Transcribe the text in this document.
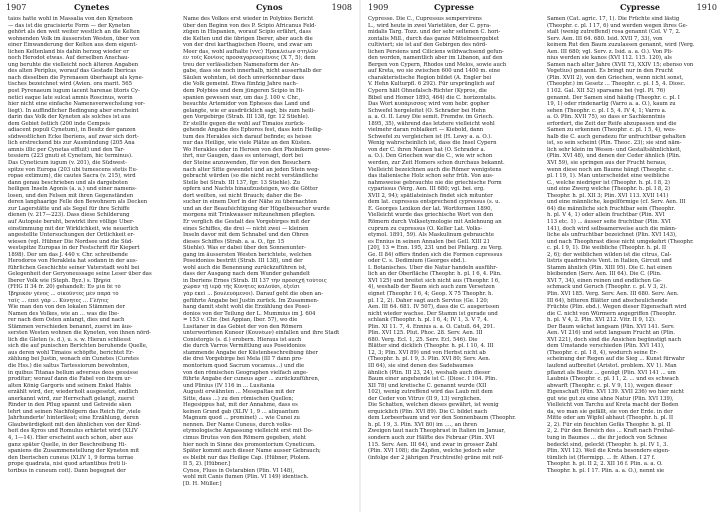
1907	Cynetes	Cynos	1908
taios hatte wohl in Massalia von den Kyneteon
— das ist die gracisierte Form — der Kyneten
gehört als den weit weiter westlich an die Kelten
wohnenden Volk im äussersten Westen, über von
einer Einwanderung der Kelten aus dem eigent-
lichen Keltenland bis dahin herzog wieder er
noch Herodot etwas. Auf derselben Anschau-
ung beruhte die vielleicht noch älteren Angaben
des alten Periplus, worauf das Gestade Ibericas
nach dieselben die Pyrenaeen überhaupt als kyne-
tisches bezeichnet wird (Avien. ora marit. 565
post Pyrenaeum iugum iacent harenae litoris Cy-
netici eaque late sulcat amnis Roscinus, worin
hier nicht eine einfache Namensverwechslung vor-
liegt). In auffindlicher Bedingung aber erscheint
darin das Volk der Kyneten als solches ist aus
dem Gebiet östlich (200 inde Cempsis
adiacent populi Cynetum), in Besitz der ganzen
südwestlichen Ecke Iberiens, auf zwar sich dort-
lich erstreckend bis zur Ausmündung (205 Ana
amnis illic per Cynetas effluit) und den Tar-
tessiern (223 gnuti et Cynetum, hic terminus).
Das Cyneticum iugum (v. 201), die Südwest-
spitze von Europa (203 ubi tumescens stetis Eu-
ropae extimum), die cautes Sacra (v. 215), wird
dann genau beschrieben und als dargeboten
heiligen Inseln Agonis (a. a.) und einer namens-
losen, und den Felsen mit ihren Gegenständen
deren langhaarige Felle den Bewohnern als Decken
zur Lagerstätte und als Segel für ihre Schiffe
dienen (v. 217—223). Dass diese Schilderung
auf Autopsie beruht, bewirkt ihre völlige Über-
einstimmung mit der Wirklichkeit, wie neuerlich
angestellte Untersuchungen der Örtlichkeit er-
wiesen (vgl. Hübner Die Nordsee und die Süd-
westspitze Europas in der Festschrift für Kiepert
1898). Der um das J. 440 v. Chr. schreibende
Herodoros von Herakleia hat sodann in der aus-
führlichen Geschichte seiner Vaterstadt wohl bei
Gelegenheit der Geryoneussage seine Leser über das
Iberer Volk wie (Steph. Byz.) s. Ἰβηρία
(FHG II 34 fr. 20) gehandelt: Ἐν μία δὲ τὸ
Ἰβηρικὸν γένος ... οἰκοῦντες μὲν παρὰ τὸ
ταῖς ... ἐπεὶ γὰρ ... Κύνητες ... Γλῆτες
Wie man den von den lokalen Stämmen der
Namen des Volkes, wie an ... was die Ibe-
rer nach dem Osten anlangt, dies und nach
Stämmen verschieden benannt, zuerst im äus-
sersten Westen wohnen die Kyneten, von ihnen nörd-
lich die Gleten (s. d.), u. s. w. Hieran schliesst
sich die auf punischen Berichten beruhende Quelle,
aus deren wohl Timaios schöpfte, berichtet Er-
zählung bei Justin, wonach ein Cunetes (Curetes
die Hss.) die saltus Tartessiorum bewohnten,
in quibus Titanas bellum adversus deos gessisse
proditur; worauf dann die Fabel von ihrem ur-
alten König Gargoris und seinem Enkel Habis
erzählt wird, der, wiederholt ausgesetzt, endlich
anerkannt wird, zur Herrschaft gelangt, zuerst
Rinder in den Pflug spannt und Getreide säen
lehrt und seinen Nachfolgern das Reich für ,viele
Jahrhunderte' hinterlässt; eine Erzählung, deren
Glaubwürdigkeit mit den ähnlichen von der Kind-
heit des Kyros und Romulus erhärtet wird (XLIV
4, 1—14). Hier erscheint auch schon, aber aus
ganz später Quelle, in der Beschreibung Hi-
spaniens die Zusammenstellung der Kyneten mit
den Iberischen cuneus (XLIV 1, 9 forma terrae
prope quadrata, nisi quod artantibus freti li-
toribus in cuneum coit). Dann begegnet der
Name des Volkes erst wieder in Polybios Bericht
über den Beginn von des P. Scipio Africanus Feld-
zügen in Hispanien, worauf Scipio erfährt, dass
die Kelten und die übrigen Iberer, aber auch die
von der drei karthagischen Heere, und zwar am
Meer das, wohl aufhalte (vvc) Ἡρακλείων στηλῶν
ἐν τοῖς Κονίοις προσαγορευομένοις (X 7, 5); dem
treu der verlässlichen Namensform der An-
gabe, dass sie noch innerhalb, nicht ausserhalb der
Säulen wohnten, ist doch unverkennbar dass
die Volk gemeint. Etwa fünfzig Jahre nach-
dem Polybios und dem jüngeren Scipio in Hi-
spanien gewesen war, um das J. 100 v. Chr.,
besuchte Artemidor von Ephesos das Land und
gelangte, wie er ausdrücklich sagt, bis zum heili-
gen Vorgebirge (Strab. III 138, fgr. 12 Stiehle).
Er stellte gegen die wohl auf Timaios zurück-
gehende Angabe des Ephoros fest, dass kein Heilig-
tum des Herakles sich darauf befinde; es heisse
nur das Heilige, wie viele Plätze an den Küsten.
Wo Herakles oder in Heroen von den Phoinikern gewe-
ihrt, nur Gaugen, dass es untersagt, dort bei
der Steine anzuwenden, für von den Besuchern
nach alter Sitte gewendet und an jeden Stein weg-
gebracht würden (so die nicht recht verständliche
Stelle bei Strab. III 137, fgr. 13 Stiehle). Zu
opfern und Nachts hinaufzusteigen, wo die Götter
dort weilten, sei nicht Brauch; daher die Be-
sucher in einem Dorf in der Nähe zu übernachten
und an der Beaufsichtigung der Hügelbesucher wurde
morgens mit Trinkwasser mitzunehmen pflegten.
Er verglich die Gestalt des Vorgebirges mit der
eines Schiffes, die drei — nicht zwei — kleinen
Inseln davor mit dem Schnabel und den Ohren
dieses Schiffes (Strab. a. a. O., fgr. 15
Stiehle). Was er dabei über den Sonnenunter-
gang im äussersten Westen berichtete, welchen
Poseidonios bestritt (Strab. III 138), und der
wohl auch die Benennung zurückzuführen ist,
dass der Ausgang nach dem Wunder gehandelt
in Iberiens Ernes (Strab. III 137 τὴν προσεχῆ τούτοις
χώραν τῇ ἱερᾷ τῆς Κύνητες καλοῦσι, ἐξεῖσι
γὰρ ἐκεῖ ... βουλευόμενοι). Darauf geht die oben an-
geführte Angabe bei Justin zurück. Im Zusammen-
hang damit steht wohl die Erzählung des Posei-
donios von der Teilung der L. Mummius im J. 604
= 153 v. Chr. (bei Appian, Iber. 57), wo die
Lusitaner in das Gebiet der von den Römern
unterworfenen Kuneer (Κουνέων) einfallen und ihre Stadt
Conistorgis (s. d.) erobern. Hieraus ist auch
die durch Varros Vermittlung aus Poseidonios
stammende Angabe der Küstenbeschreibung über
die drei Vorgebirge bei Mela (III 7 dann pro-
montorium quod Sacrum vocamus...) und die
von den römischen Geographen vielfach ange-
führte Angabe der cuneus ager ... zurückzuführen,
und Plinius (IV 116 in ... Lusitania
Augusti erwähnten ... Mesepaltae mit der
Sitte, dass ...) zu den römischen Quellen;
Hegesippus hat, mit der Annahme, dass es
keinen Grund gab (XLIV 1, 9 ... aliquantum
Magnum quod ... prominet) ... wie Cunei zu
nennen. Der Name Cuneus, durch volks-
etymologische Anpassung vielleicht erst mit Do-
cimus Brutus von den Römern gegeben, steht
hier noch in Sinne des promontorium Cyneticum.
Später kommt auch dieser Name ausser Gebrauch;
es bleibt nur das Heilige Cap. (Hübner, Ptolem.
II 5, 2). [Hübner.]
Cynos, Fluss in Ostarabien (Plin. VI 148),
wohl mit Canis flumen (Plin. VI 149) identisch.
[D. H. Müller.]
1909	Cypresse	Cypresse	1910
Cypresse. Die C., Cupressus sempervirens
L., wird heute in zwei Varietäten, der C. pyra-
midalis Targ. Tozz. und der sehr seltenen C. hori-
zontalis Mill., durch das ganze Mittelmeergebiet
cultiviert; sie ist auf den Gebirgen des nörd-
lichen Persiens und Ciliciens wildwachsend gefun-
den worden, namentlich aber im Libanon, auf den
Bergen von Cypern, Rhodos und Melos, sowie auch
auf Kreta, wo sie zwischen 600 und 1400 m. eine
charakteristische Region bildet (A. Engler bei
V. Hehn Kulturpfl. 6 292). Für ursprünglich auf
Cypern hält Ohnefalsch-Richter (Kypros, die
Bibel und Homer 1893, 464) die C. horizontalis.
Das Wort κυπάρισσος wird vom hebr. gopher
Schwefel hergeleitet (O. Schrader bei Hehn
a. a. O. II. Lewy Die semit. Fremdw. im Griech.
1895, 35), während das letztere vielleicht wohl
vielmehr daran roblaikert — Kiebold, dann
Schwefel zu vergleichen ist (H. Lewy a. a. O.).
Wenig wahrscheinlich ist, dass die Insel Cypern
von der C. ihren Namen hat (O. Schrader a.
a. O.). Den Griechen war die C., wie wir schon
werden, zur Zeit Homers schon durchaus bekannt.
Vielleicht bezeichnen auch die Römer wenigstens
das italienische Holz schon sehr früh. Von aus-
nahmsweise gebrauchte nie die griechische Form
cyparissus (Verg. Aen. III 680; vgl. bei. erg.
XVII 2, 94); spätlateinisch findet sich mitunter
dem lat. cupressus entsprechend cypressus (s. u.
E. Georges Lexikon der lat. Wortformen 1890,
Vielleicht wurde das griechische Wort von den
Römern durch Volksetymologie mit Anlehnung an
cuprum zu cupressus (O. Keller Lat. Volks-
etymol. 1891, 59). Als Maskulinum gebrauchte
es Ennius in seinen Annalen (bei Gell. XIII 21
[20], 13 = Enn. 195, 231 und bei Philarg. zu Verg.
Ge. II 84) offers finden sich die Formen cupressus
oder C. s. Dedimium (Georges ebd.).
I. Botanisches. Über die Natur handeln ausführ-
lich an der Oberfläche (Theophr. h. pl. I 6, 4. Plin.
XVI 125) und breitet sich nicht aus (Theophr. I 6,
4), weshalb der Baum sich auch zum Versetzen
eignet (Theophr. I 6, 4; Geop. X 75 Theophr. h.
pl. I 2, 2). Daher sagt auch Servius (Ge. I 20;
Aen. III 64. 681. IV 507), dass die C. ausgerissen
nicht wieder wachse. Der Stamm ist gerade und
schlank (Theophr. h. pl. I 6, 4; IV 1, 3. V 7, 4.
Plin. XI 11. 7, 4. Ennius a. a. O. Catull. 64, 291.
Plin. XVI 125. Plut. Phoc. 28. Serv. Aen. III
680. Verg. Ecl. 1, 25. Serv. Ecl. 546). Die
Blätter sind dicklich (Theophr. h. pl. I 10, 4. III
12, 3; Plin. XVI 89) und von Herbst nicht ab
(Theophr. h. pl. I 9, 3. Plin. XVI 80; Serv. Aen.
III 64), sie sind denen des Sadebaumes
ähnlich (Plin. III 23, 24), weshalb auch dieser
Baum einer angehende ist C. (Diosc. I 104. Plin.
XII 78) und kretische C. genannt wurde (XII
102), wenig zutreffend wird das Laub mit dem
der Ceder von Vitruv (II 9, 13) verglichen.
Die Schatten, welchen dieses gewährt, ist wenig
erquicklich (Plin. XVI 89). Die C. bildet nach
dem Lorbeerbaum und vor den Sonnenbaum (Theophr.
h. pl. I 9, 3. Plin. XVI 80) im ...., an ihren
Zweigen taut nach Theophrast in Italien im Januar,
sondern auch zur Hälfte des Februar (Plin. XVI
115. Serv. Aen. III 64), und zwar in grosser Zahl
(Plin. XVI 108); die Zapfen, welche jedoch sehr
(infolge der 2 jährigen Fruchtreife) grüne mit reif-
Samen (Cat. agric. 17, 1). Die Früchte sind lästig
(Theophr. c. pl. I 17, 6) und werden wegen ihres Ge-
stalt (wenig zutreffend) rosa genannt (Col. V 7, 2.
Serv. Aen. III 64. 680. Isid. XVII 7, 33), von
keinem Rut den Baum zuzulassen genannt, wird (Verg.
Aen. III 680; vgl. Serv. z. Isid. a. a. O.). Von Pli-
nius werden sie kanos (XVI 112. 115. 120), als
Samen nach alter Jahre (XVII 73, XXIV 15; ebenso von
Vegetius) genannt. Es bringt nur in den Frucht
(Plin. XVII 2), von den Griechen, wenn nicht sonst,
(Theophr.) im Gesetz ... Theophr. c. pl. I 5, 4. Diosc.
I 102. Gal. XII 52) sparsame bei (vgl. Pl. 76)
genannt. Der Samen sind häufig (Theophr. c. pl. I
19, 1) oder rindenartig (Varro a. a. O.), kaum zu
sehen (Theophr. c. pl. I 5, 4. IV 4, 1; Varro a.
a. O. Plin. XVII 75), so dass er Sachkenntnis
erfordert, die Zeit der Reife abzupassen und die
Samen zu erkennen (Theophr. c. pl. I 5, 4), wes-
halb die C. auch geradezu für unfruchtbar gehalten
ist, so sein scheint (Plin. Theoc. 23); sie sind näm-
lich sehr klein im Wesen- und Gestaltsähnlichkeit,
(Plin. XVI 48), und denen der Ceder ähnlich (Plin.
XVI 59), sie springen aus der Frucht heraus,
wenn diese noch am Baume hängt (Theophr. c.
pl. I 19, 1). Man unterscheidet eine weibliche
C., welche niedriger ist (Theophr. h. pl. I 8, 2)
und eine Zwerg welche (Theophr. h. pl. I 8, 2)
Theophr. h. pl. XII 3; Plin. XVI 113. XVII 141)
und eine männliche, kegelförmige (cf. Serv. Aen. III
64) die männliche sich fruchtbar sein (Theophr.
h. pl. V 4, 1) oder allein fruchtbar (Plin. XVI
113 etc. 1) ... äusser seite fruchtbar (Plin. XVI
141), doch wird selbsamerweise auch die männ-
liche als unfruchtbar bezeichnet (Plin. XVI 143),
und nach Theophrast diese nicht umgekehrt (Theophr.
c. pl. I 9, 1). Die weibliche (Theophr. h. pl. II
2, 6); der weiblichen wilden ist die citrus, Cal-
listris quadrivalvis Vent. in Italien, Gircuit und
Stamm ähnlich (Plin. XIII 95). Die C. hat einen
bleibenden (Serv. Aen. III 64). Die C. (Plin.
XVI 7, 34), einen reinen und endlichen Ge-
schmack und Geruch (Theophr. c. pl. V 3, 2).
Plin. XVI 185. Verg. Serv. Aen. III 680. Serv. Aen.
III 64), bitteren Blätter und abscheulichende
Früchte (Plin. ebd.). Wegen dieser Eigenschaft wird
die C. nicht von Würmern angegriffen (Theophr.
h. pl. V 4, 2. Plin. XVI 212. Vitr. II 9, 12).
Der Baum wächst langsam (Plin. XVI 141. Serv.
Aen. VI 216) und setzt langsam Frucht an (Plin.
XVI 221), doch sind die Ansichen begünstigt nach
dem Umstande verschieden (Plin. XVI 141),
(Theophr. c. pl. I 8, 4), wodurch seine Er-
scheinung der Regen auf die Sieg ... Kunst fürwahr
laufend aufbreitet (Aristot. problem. XV 1). Man
pflanzt als Besitz ... genügt (Plin. XVI 141 ... um
Laubnis (Theophr. c. pl. I 1, 2. ... und es schwach
abwarft (Theophr. c. pl. V 9, 11), wegen dieser
Eigenschaft (Plin. XVI 139. XVII 236) wo hier nicht
gut wie gut zu eine ahne Natur (Plin. XVI 139),
Vielleicht von Tarchu auf Kreta macht der Boden
da, wo man sie gefällt, sie von der Erde. in der
Mitte oder am Wipfel abhaut (Theophr. h. pl. II
2, 2). Für ein feuchten Gefäs Theophr. h. pl. II
2, 2. Für den Bereich des ... Kraft nach Freihal-
tung in Baumes ... die ihr jedoch von Schnee
bedeckt sind, geleckt (Theophr. h. pl. IV 1, 3.
Plin. XVI 12). Weil die Kreta besonders eigen-
tümlich ist (Hermipp. ... fr. Athen. I 27 f.
Theophr. h. pl. II 2, 2. XII 16 f. Plin. a. a. O.
Theophr. h. pl. I 17. Plin. a. a. O.), nennt sie
